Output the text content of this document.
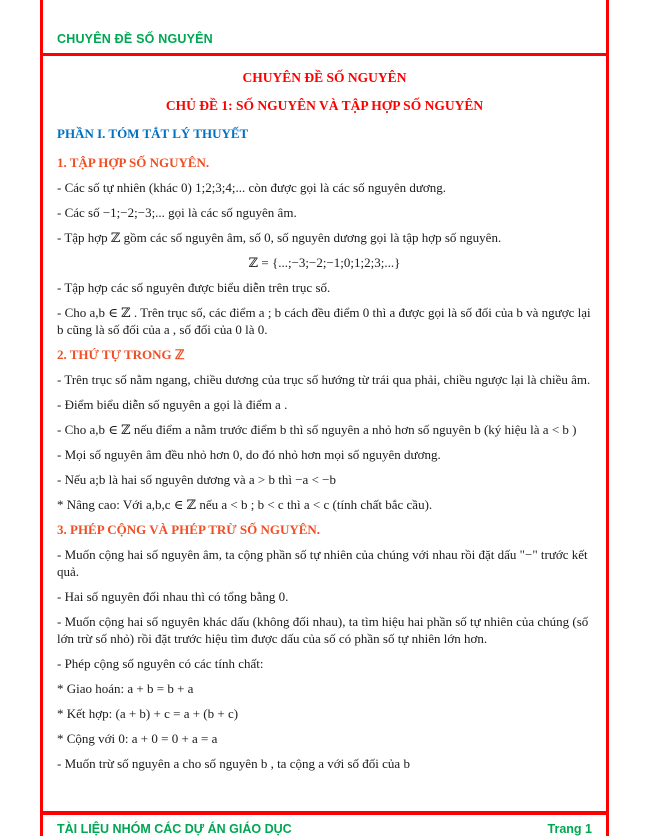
CHUYÊN ĐỀ SỐ NGUYÊN
CHUYÊN ĐỀ SỐ NGUYÊN
CHỦ ĐỀ 1: SỐ NGUYÊN VÀ TẬP HỢP SỐ NGUYÊN
PHẦN I. TÓM TẮT LÝ THUYẾT

1. TẬP HỢP SỐ NGUYÊN.

- Các số tự nhiên (khác 0) 1;2;3;4;... còn được gọi là các số nguyên dương.

- Các số −1;−2;−3;... gọi là các số nguyên âm.

- Tập hợp ℤ gồm các số nguyên âm, số 0, số nguyên dương gọi là tập hợp số nguyên.

ℤ = {...;−3;−2;−1;0;1;2;3;...}

- Tập hợp các số nguyên được biểu diễn trên trục số.

- Cho a,b ∈ ℤ . Trên trục số, các điểm a ; b cách đều điểm 0 thì a được gọi là số đối của b và ngược lại b cũng là số đối của a , số đối của 0 là 0.

2. THỨ TỰ TRONG ℤ

- Trên trục số nằm ngang, chiều dương của trục số hướng từ trái qua phải, chiều ngược lại là chiều âm.

- Điểm biểu diễn số nguyên a gọi là điểm a .

- Cho a,b ∈ ℤ nếu điểm a nằm trước điểm b thì số nguyên a nhỏ hơn số nguyên b (ký hiệu là a < b )

- Mọi số nguyên âm đều nhỏ hơn 0, do đó nhỏ hơn mọi số nguyên dương.

- Nếu a;b là hai số nguyên dương và a > b thì −a < −b

* Nâng cao: Với a,b,c ∈ ℤ nếu a < b ; b < c thì a < c (tính chất bắc cầu).

3. PHÉP CỘNG VÀ PHÉP TRỪ SỐ NGUYÊN.

- Muốn cộng hai số nguyên âm, ta cộng phần số tự nhiên của chúng với nhau rồi đặt dấu "−" trước kết quả.

- Hai số nguyên đối nhau thì có tổng bằng 0.

- Muốn cộng hai số nguyên khác dấu (không đối nhau), ta tìm hiệu hai phần số tự nhiên của chúng (số lớn trừ số nhỏ) rồi đặt trước hiệu tìm được dấu của số có phần số tự nhiên lớn hơn.

- Phép cộng số nguyên có các tính chất:

* Giao hoán: a + b = b + a

* Kết hợp: (a + b) + c = a + (b + c)

* Cộng với 0: a + 0 = 0 + a = a

- Muốn trừ số nguyên a cho số nguyên b , ta cộng a với số đối của b

TÀI LIỆU NHÓM CÁC DỰ ÁN GIÁO DỤC	Trang 1
